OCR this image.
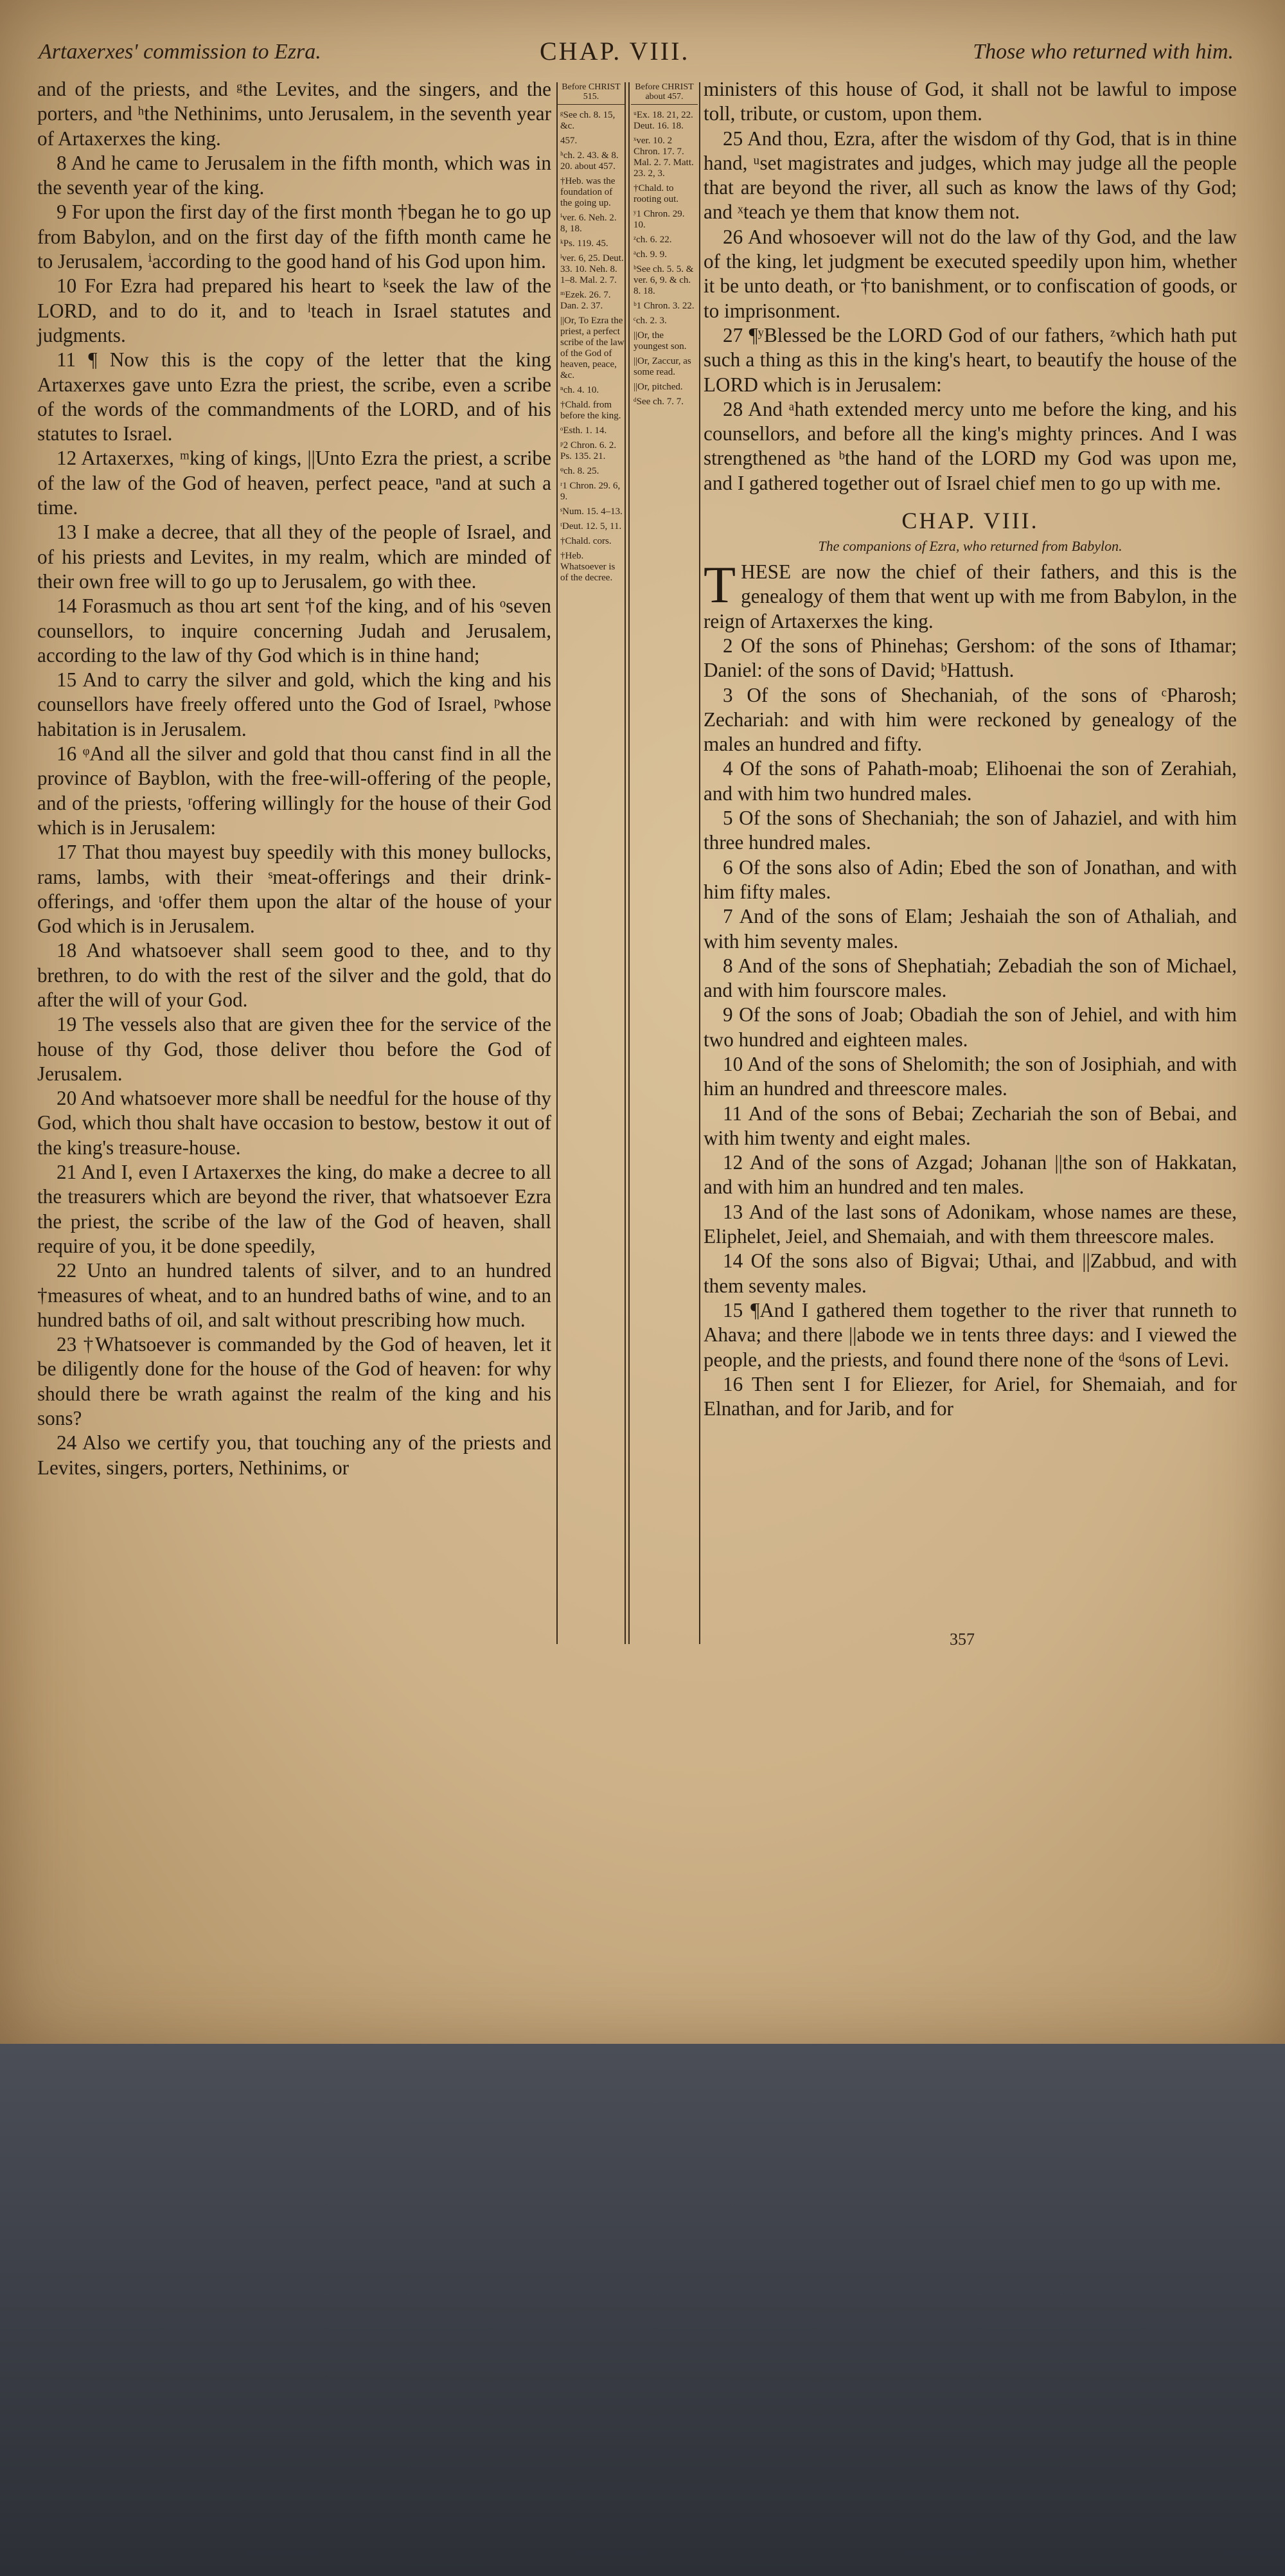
Artaxerxes' commission to Ezra.	CHAP. VIII.	Those who returned with him.

and of the priests, and ᵍthe Levites, and the singers, and the porters, and ʰthe Nethinims, unto Jerusalem, in the seventh year of Artaxerxes the king.

8 And he came to Jerusalem in the fifth month, which was in the seventh year of the king.

9 For upon the first day of the first month †began he to go up from Babylon, and on the first day of the fifth month came he to Jerusalem, ⁱaccording to the good hand of his God upon him.

10 For Ezra had prepared his heart to ᵏseek the law of the LORD, and to do it, and to ˡteach in Israel statutes and judgments.

11 ¶ Now this is the copy of the letter that the king Artaxerxes gave unto Ezra the priest, the scribe, even a scribe of the words of the commandments of the LORD, and of his statutes to Israel.

12 Artaxerxes, ᵐking of kings, ||Unto Ezra the priest, a scribe of the law of the God of heaven, perfect peace, ⁿand at such a time.

13 I make a decree, that all they of the people of Israel, and of his priests and Levites, in my realm, which are minded of their own free will to go up to Jerusalem, go with thee.

14 Forasmuch as thou art sent †of the king, and of his ᵒseven counsellors, to inquire concerning Judah and Jerusalem, according to the law of thy God which is in thine hand;

15 And to carry the silver and gold, which the king and his counsellors have freely offered unto the God of Israel, ᵖwhose habitation is in Jerusalem.

16 ᵠAnd all the silver and gold that thou canst find in all the province of Bayblon, with the free-will-offering of the people, and of the priests, ʳoffering willingly for the house of their God which is in Jerusalem:

17 That thou mayest buy speedily with this money bullocks, rams, lambs, with their ˢmeat-offerings and their drink-offerings, and ᵗoffer them upon the altar of the house of your God which is in Jerusalem.

18 And whatsoever shall seem good to thee, and to thy brethren, to do with the rest of the silver and the gold, that do after the will of your God.

19 The vessels also that are given thee for the service of the house of thy God, those deliver thou before the God of Jerusalem.

20 And whatsoever more shall be needful for the house of thy God, which thou shalt have occasion to bestow, bestow it out of the king's treasure-house.

21 And I, even I Artaxerxes the king, do make a decree to all the treasurers which are beyond the river, that whatsoever Ezra the priest, the scribe of the law of the God of heaven, shall require of you, it be done speedily,

22 Unto an hundred talents of silver, and to an hundred †measures of wheat, and to an hundred baths of wine, and to an hundred baths of oil, and salt without prescribing how much.

23 †Whatsoever is commanded by the God of heaven, let it be diligently done for the house of the God of heaven: for why should there be wrath against the realm of the king and his sons?

24 Also we certify you, that touching any of the priests and Levites, singers, porters, Nethinims, or

Before CHRIST 515.
ᵍSee ch. 8. 15, &c.
457.
ʰch. 2. 43. & 8. 20. about 457.
†Heb. was the foundation of the going up.
ⁱver. 6. Neh. 2. 8, 18.
ᵏPs. 119. 45.
ˡver. 6, 25. Deut. 33. 10. Neh. 8. 1–8. Mal. 2. 7.
ᵐEzek. 26. 7. Dan. 2. 37.
||Or, To Ezra the priest, a perfect scribe of the law of the God of heaven, peace, &c.
ⁿch. 4. 10.
†Chald. from before the king.
ᵒEsth. 1. 14.
ᵖ2 Chron. 6. 2. Ps. 135. 21.
ᵠch. 8. 25.
ʳ1 Chron. 29. 6, 9.
ˢNum. 15. 4–13.
ᵗDeut. 12. 5, 11.
†Chald. cors.
†Heb. Whatsoever is of the decree.
Before CHRIST about 457.
ᵘEx. 18. 21, 22. Deut. 16. 18.
ˣver. 10. 2 Chron. 17. 7. Mal. 2. 7. Matt. 23. 2, 3.
†Chald. to rooting out.
ʸ1 Chron. 29. 10.
ᶻch. 6. 22.
ᵃch. 9. 9.
ᵇSee ch. 5. 5. & ver. 6, 9. & ch. 8. 18.
ᵇ1 Chron. 3. 22.
ᶜch. 2. 3.
||Or, the youngest son.
||Or, Zaccur, as some read.
||Or, pitched.
ᵈSee ch. 7. 7.

ministers of this house of God, it shall not be lawful to impose toll, tribute, or custom, upon them.

25 And thou, Ezra, after the wisdom of thy God, that is in thine hand, ᵘset magistrates and judges, which may judge all the people that are beyond the river, all such as know the laws of thy God; and ˣteach ye them that know them not.

26 And whosoever will not do the law of thy God, and the law of the king, let judgment be executed speedily upon him, whether it be unto death, or †to banishment, or to confiscation of goods, or to imprisonment.

27 ¶ʸBlessed be the LORD God of our fathers, ᶻwhich hath put such a thing as this in the king's heart, to beautify the house of the LORD which is in Jerusalem:

28 And ᵃhath extended mercy unto me before the king, and his counsellors, and before all the king's mighty princes. And I was strengthened as ᵇthe hand of the LORD my God was upon me, and I gathered together out of Israel chief men to go up with me.

CHAP. VIII.
The companions of Ezra, who returned from Babylon.

T HESE are now the chief of their fathers, and this is the genealogy of them that went up with me from Babylon, in the reign of Artaxerxes the king.

2 Of the sons of Phinehas; Gershom: of the sons of Ithamar; Daniel: of the sons of David; ᵇHattush.

3 Of the sons of Shechaniah, of the sons of ᶜPharosh; Zechariah: and with him were reckoned by genealogy of the males an hundred and fifty.

4 Of the sons of Pahath-moab; Elihoenai the son of Zerahiah, and with him two hundred males.

5 Of the sons of Shechaniah; the son of Jahaziel, and with him three hundred males.

6 Of the sons also of Adin; Ebed the son of Jonathan, and with him fifty males.

7 And of the sons of Elam; Jeshaiah the son of Athaliah, and with him seventy males.

8 And of the sons of Shephatiah; Zebadiah the son of Michael, and with him fourscore males.

9 Of the sons of Joab; Obadiah the son of Jehiel, and with him two hundred and eighteen males.

10 And of the sons of Shelomith; the son of Josiphiah, and with him an hundred and threescore males.

11 And of the sons of Bebai; Zechariah the son of Bebai, and with him twenty and eight males.

12 And of the sons of Azgad; Johanan ||the son of Hakkatan, and with him an hundred and ten males.

13 And of the last sons of Adonikam, whose names are these, Eliphelet, Jeiel, and Shemaiah, and with them threescore males.

14 Of the sons also of Bigvai; Uthai, and ||Zabbud, and with them seventy males.

15 ¶And I gathered them together to the river that runneth to Ahava; and there ||abode we in tents three days: and I viewed the people, and the priests, and found there none of the ᵈsons of Levi.

16 Then sent I for Eliezer, for Ariel, for Shemaiah, and for Elnathan, and for Jarib, and for

357
